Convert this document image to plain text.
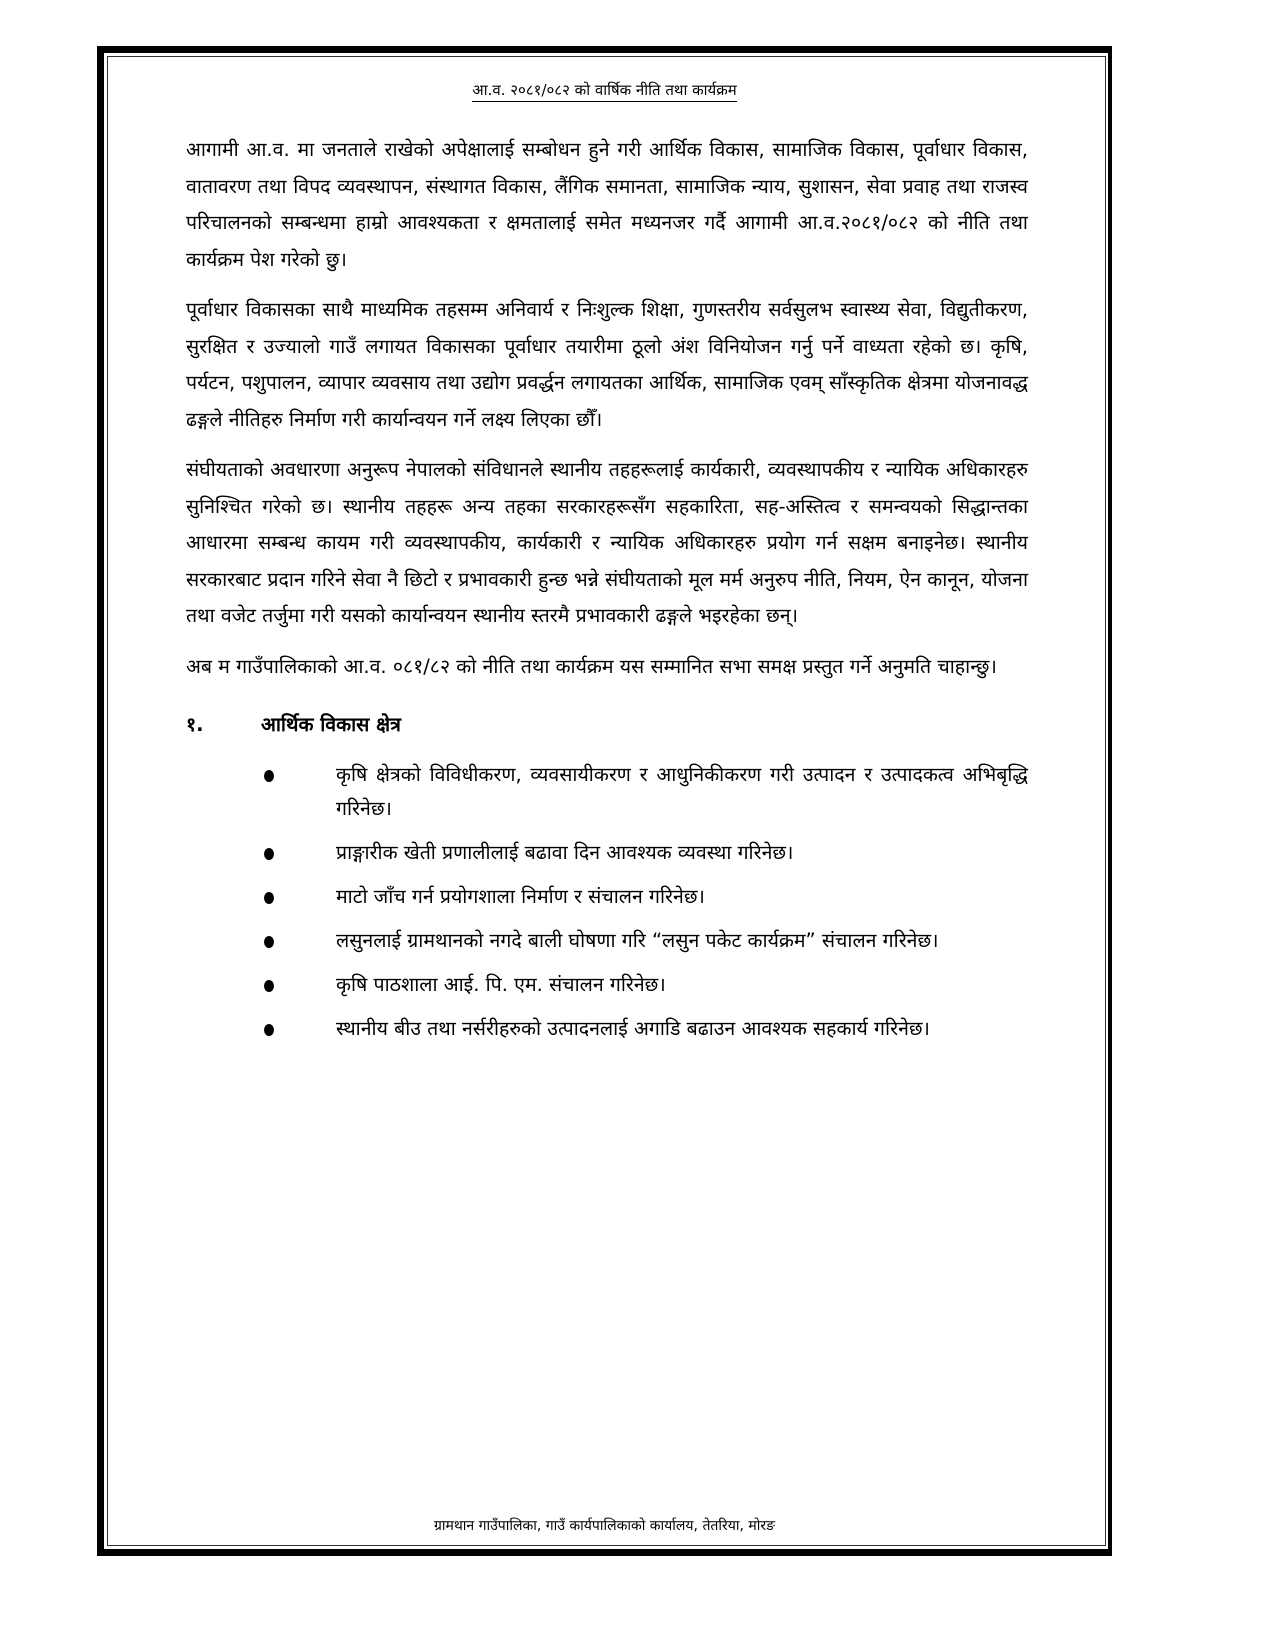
आ.व. २०८१/०८२ को वार्षिक नीति तथा कार्यक्रम

आगामी आ.व. मा जनताले राखेको अपेक्षालाई सम्बोधन हुने गरी आर्थिक विकास, सामाजिक विकास, पूर्वाधार विकास, वातावरण तथा विपद व्यवस्थापन, संस्थागत विकास, लैंगिक समानता, सामाजिक न्याय, सुशासन, सेवा प्रवाह तथा राजस्व परिचालनको सम्बन्धमा हाम्रो आवश्यकता र क्षमतालाई समेत मध्यनजर गर्दै आगामी आ.व.२०८१/०८२ को नीति तथा कार्यक्रम पेश गरेको छु।

पूर्वाधार विकासका साथै माध्यमिक तहसम्म अनिवार्य र निःशुल्क शिक्षा, गुणस्तरीय सर्वसुलभ स्वास्थ्य सेवा, विद्युतीकरण, सुरक्षित र उज्यालो गाउँ लगायत विकासका पूर्वाधार तयारीमा ठूलो अंश विनियोजन गर्नु पर्ने वाध्यता रहेको छ। कृषि, पर्यटन, पशुपालन, व्यापार व्यवसाय तथा उद्योग प्रवर्द्धन लगायतका आर्थिक, सामाजिक एवम् साँस्कृतिक क्षेत्रमा योजनावद्ध ढङ्गले नीतिहरु निर्माण गरी कार्यान्वयन गर्ने लक्ष्य लिएका छौँ।

संघीयताको अवधारणा अनुरूप नेपालको संविधानले स्थानीय तहहरूलाई कार्यकारी, व्यवस्थापकीय र न्यायिक अधिकारहरु सुनिश्चित गरेको छ। स्थानीय तहहरू अन्य तहका सरकारहरूसँग सहकारिता, सह-अस्तित्व र समन्वयको सिद्धान्तका आधारमा सम्बन्ध कायम गरी व्यवस्थापकीय, कार्यकारी र न्यायिक अधिकारहरु प्रयोग गर्न सक्षम बनाइनेछ। स्थानीय सरकारबाट प्रदान गरिने सेवा नै छिटो र प्रभावकारी हुन्छ भन्ने संघीयताको मूल मर्म अनुरुप नीति, नियम, ऐन कानून, योजना तथा वजेट तर्जुमा गरी यसको कार्यान्वयन स्थानीय स्तरमै प्रभावकारी ढङ्गले भइरहेका छन्।

अब म गाउँपालिकाको आ.व. ०८१/८२ को नीति तथा कार्यक्रम यस सम्मानित सभा समक्ष प्रस्तुत गर्ने अनुमति चाहान्छु।

१.	आर्थिक विकास क्षेत्र
कृषि क्षेत्रको विविधीकरण, व्यवसायीकरण र आधुनिकीकरण गरी उत्पादन र उत्पादकत्व अभिबृद्धि गरिनेछ।
प्राङ्गारीक खेती प्रणालीलाई बढावा दिन आवश्यक व्यवस्था गरिनेछ।
माटो जाँच गर्न प्रयोगशाला निर्माण र संचालन गरिनेछ।
लसुनलाई ग्रामथानको नगदे बाली घोषणा गरि “लसुन पकेट कार्यक्रम” संचालन गरिनेछ।
कृषि पाठशाला आई. पि. एम. संचालन गरिनेछ।
स्थानीय बीउ तथा नर्सरीहरुको उत्पादनलाई अगाडि बढाउन आवश्यक सहकार्य गरिनेछ।
ग्रामथान गाउँपालिका, गाउँ कार्यपालिकाको कार्यालय, तेतरिया, मोरङ
